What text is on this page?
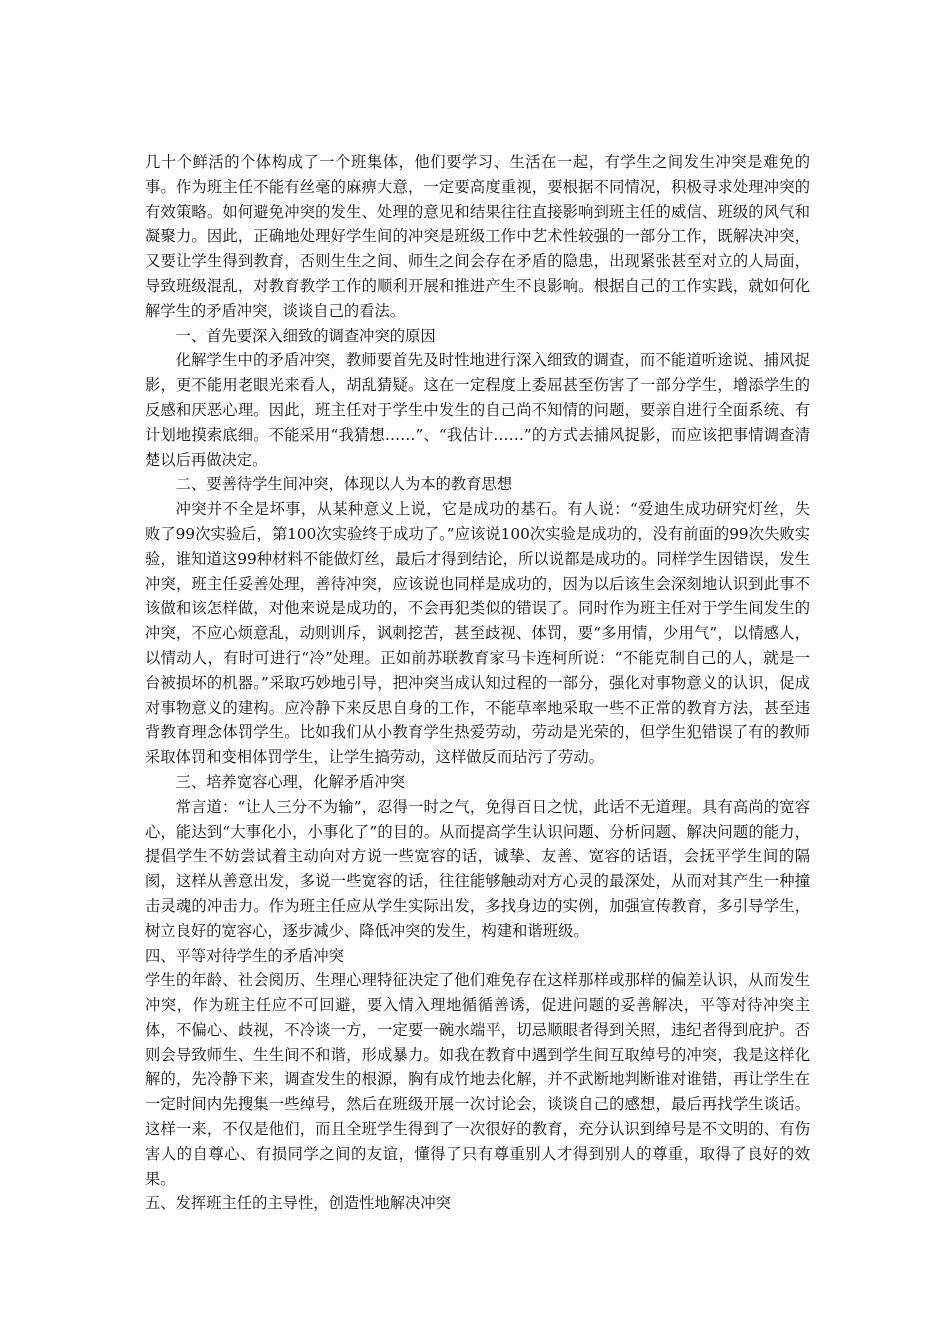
几十个鲜活的个体构成了一个班集体，他们要学习、生活在一起，有学生之间发生冲突是难免的事。作为班主任不能有丝毫的麻痹大意，一定要高度重视，要根据不同情况，积极寻求处理冲突的有效策略。如何避免冲突的发生、处理的意见和结果往往直接影响到班主任的威信、班级的风气和凝聚力。因此，正确地处理好学生间的冲突是班级工作中艺术性较强的一部分工作，既解决冲突，又要让学生得到教育，否则生生之间、师生之间会存在矛盾的隐患，出现紧张甚至对立的人局面，导致班级混乱，对教育教学工作的顺利开展和推进产生不良影响。根据自己的工作实践，就如何化解学生的矛盾冲突，谈谈自己的看法。

一、首先要深入细致的调查冲突的原因

化解学生中的矛盾冲突，教师要首先及时性地进行深入细致的调查，而不能道听途说、捕风捉影，更不能用老眼光来看人，胡乱猜疑。这在一定程度上委屈甚至伤害了一部分学生，增添学生的反感和厌恶心理。因此，班主任对于学生中发生的自己尚不知情的问题，要亲自进行全面系统、有计划地摸索底细。不能采用“我猜想……”、“我估计……”的方式去捕风捉影，而应该把事情调查清楚以后再做决定。

二、要善待学生间冲突，体现以人为本的教育思想

冲突并不全是坏事，从某种意义上说，它是成功的基石。有人说：“爱迪生成功研究灯丝，失败了99次实验后，第100次实验终于成功了。”应该说100次实验是成功的，没有前面的99次失败实验，谁知道这99种材料不能做灯丝，最后才得到结论，所以说都是成功的。同样学生因错误，发生冲突，班主任妥善处理，善待冲突，应该说也同样是成功的，因为以后该生会深刻地认识到此事不该做和该怎样做，对他来说是成功的，不会再犯类似的错误了。同时作为班主任对于学生间发生的冲突，不应心烦意乱，动则训斥，讽刺挖苦，甚至歧视、体罚，要“多用情，少用气”，以情感人，以情动人，有时可进行“冷”处理。正如前苏联教育家马卡连柯所说：“不能克制自己的人，就是一台被损坏的机器。”采取巧妙地引导，把冲突当成认知过程的一部分，强化对事物意义的认识，促成对事物意义的建构。应冷静下来反思自身的工作，不能草率地采取一些不正常的教育方法，甚至违背教育理念体罚学生。比如我们从小教育学生热爱劳动，劳动是光荣的，但学生犯错误了有的教师采取体罚和变相体罚学生，让学生搞劳动，这样做反而玷污了劳动。

三、培养宽容心理，化解矛盾冲突

常言道：“让人三分不为输”，忍得一时之气，免得百日之忧，此话不无道理。具有高尚的宽容心，能达到“大事化小，小事化了”的目的。从而提高学生认识问题、分析问题、解决问题的能力，提倡学生不妨尝试着主动向对方说一些宽容的话，诚挚、友善、宽容的话语，会抚平学生间的隔阂，这样从善意出发，多说一些宽容的话，往往能够触动对方心灵的最深处，从而对其产生一种撞击灵魂的冲击力。作为班主任应从学生实际出发，多找身边的实例，加强宣传教育，多引导学生，树立良好的宽容心，逐步减少、降低冲突的发生，构建和谐班级。

四、平等对待学生的矛盾冲突

学生的年龄、社会阅历、生理心理特征决定了他们难免存在这样那样或那样的偏差认识，从而发生冲突，作为班主任应不可回避，要入情入理地循循善诱，促进问题的妥善解决，平等对待冲突主体，不偏心、歧视，不冷谈一方，一定要一碗水端平，切忌顺眼者得到关照，违纪者得到庇护。否则会导致师生、生生间不和谐，形成暴力。如我在教育中遇到学生间互取绰号的冲突，我是这样化解的，先冷静下来，调查发生的根源，胸有成竹地去化解，并不武断地判断谁对谁错，再让学生在一定时间内先搜集一些绰号，然后在班级开展一次讨论会，谈谈自己的感想，最后再找学生谈话。这样一来，不仅是他们，而且全班学生得到了一次很好的教育，充分认识到绰号是不文明的、有伤害人的自尊心、有损同学之间的友谊，懂得了只有尊重别人才得到别人的尊重，取得了良好的效果。

五、发挥班主任的主导性，创造性地解决冲突
